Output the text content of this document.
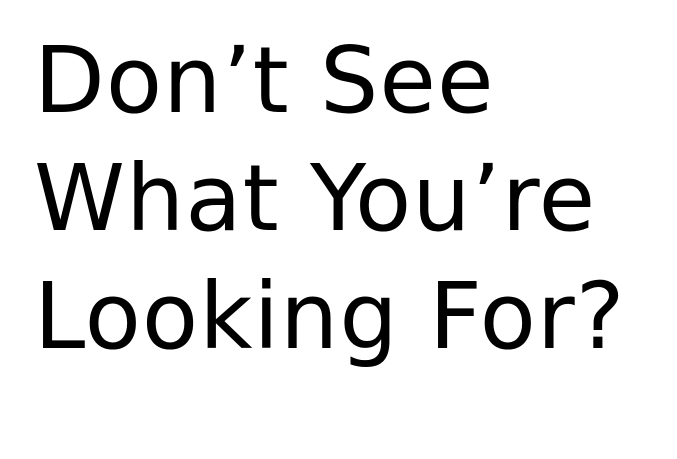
Don’t See
What You’re
Looking For?
